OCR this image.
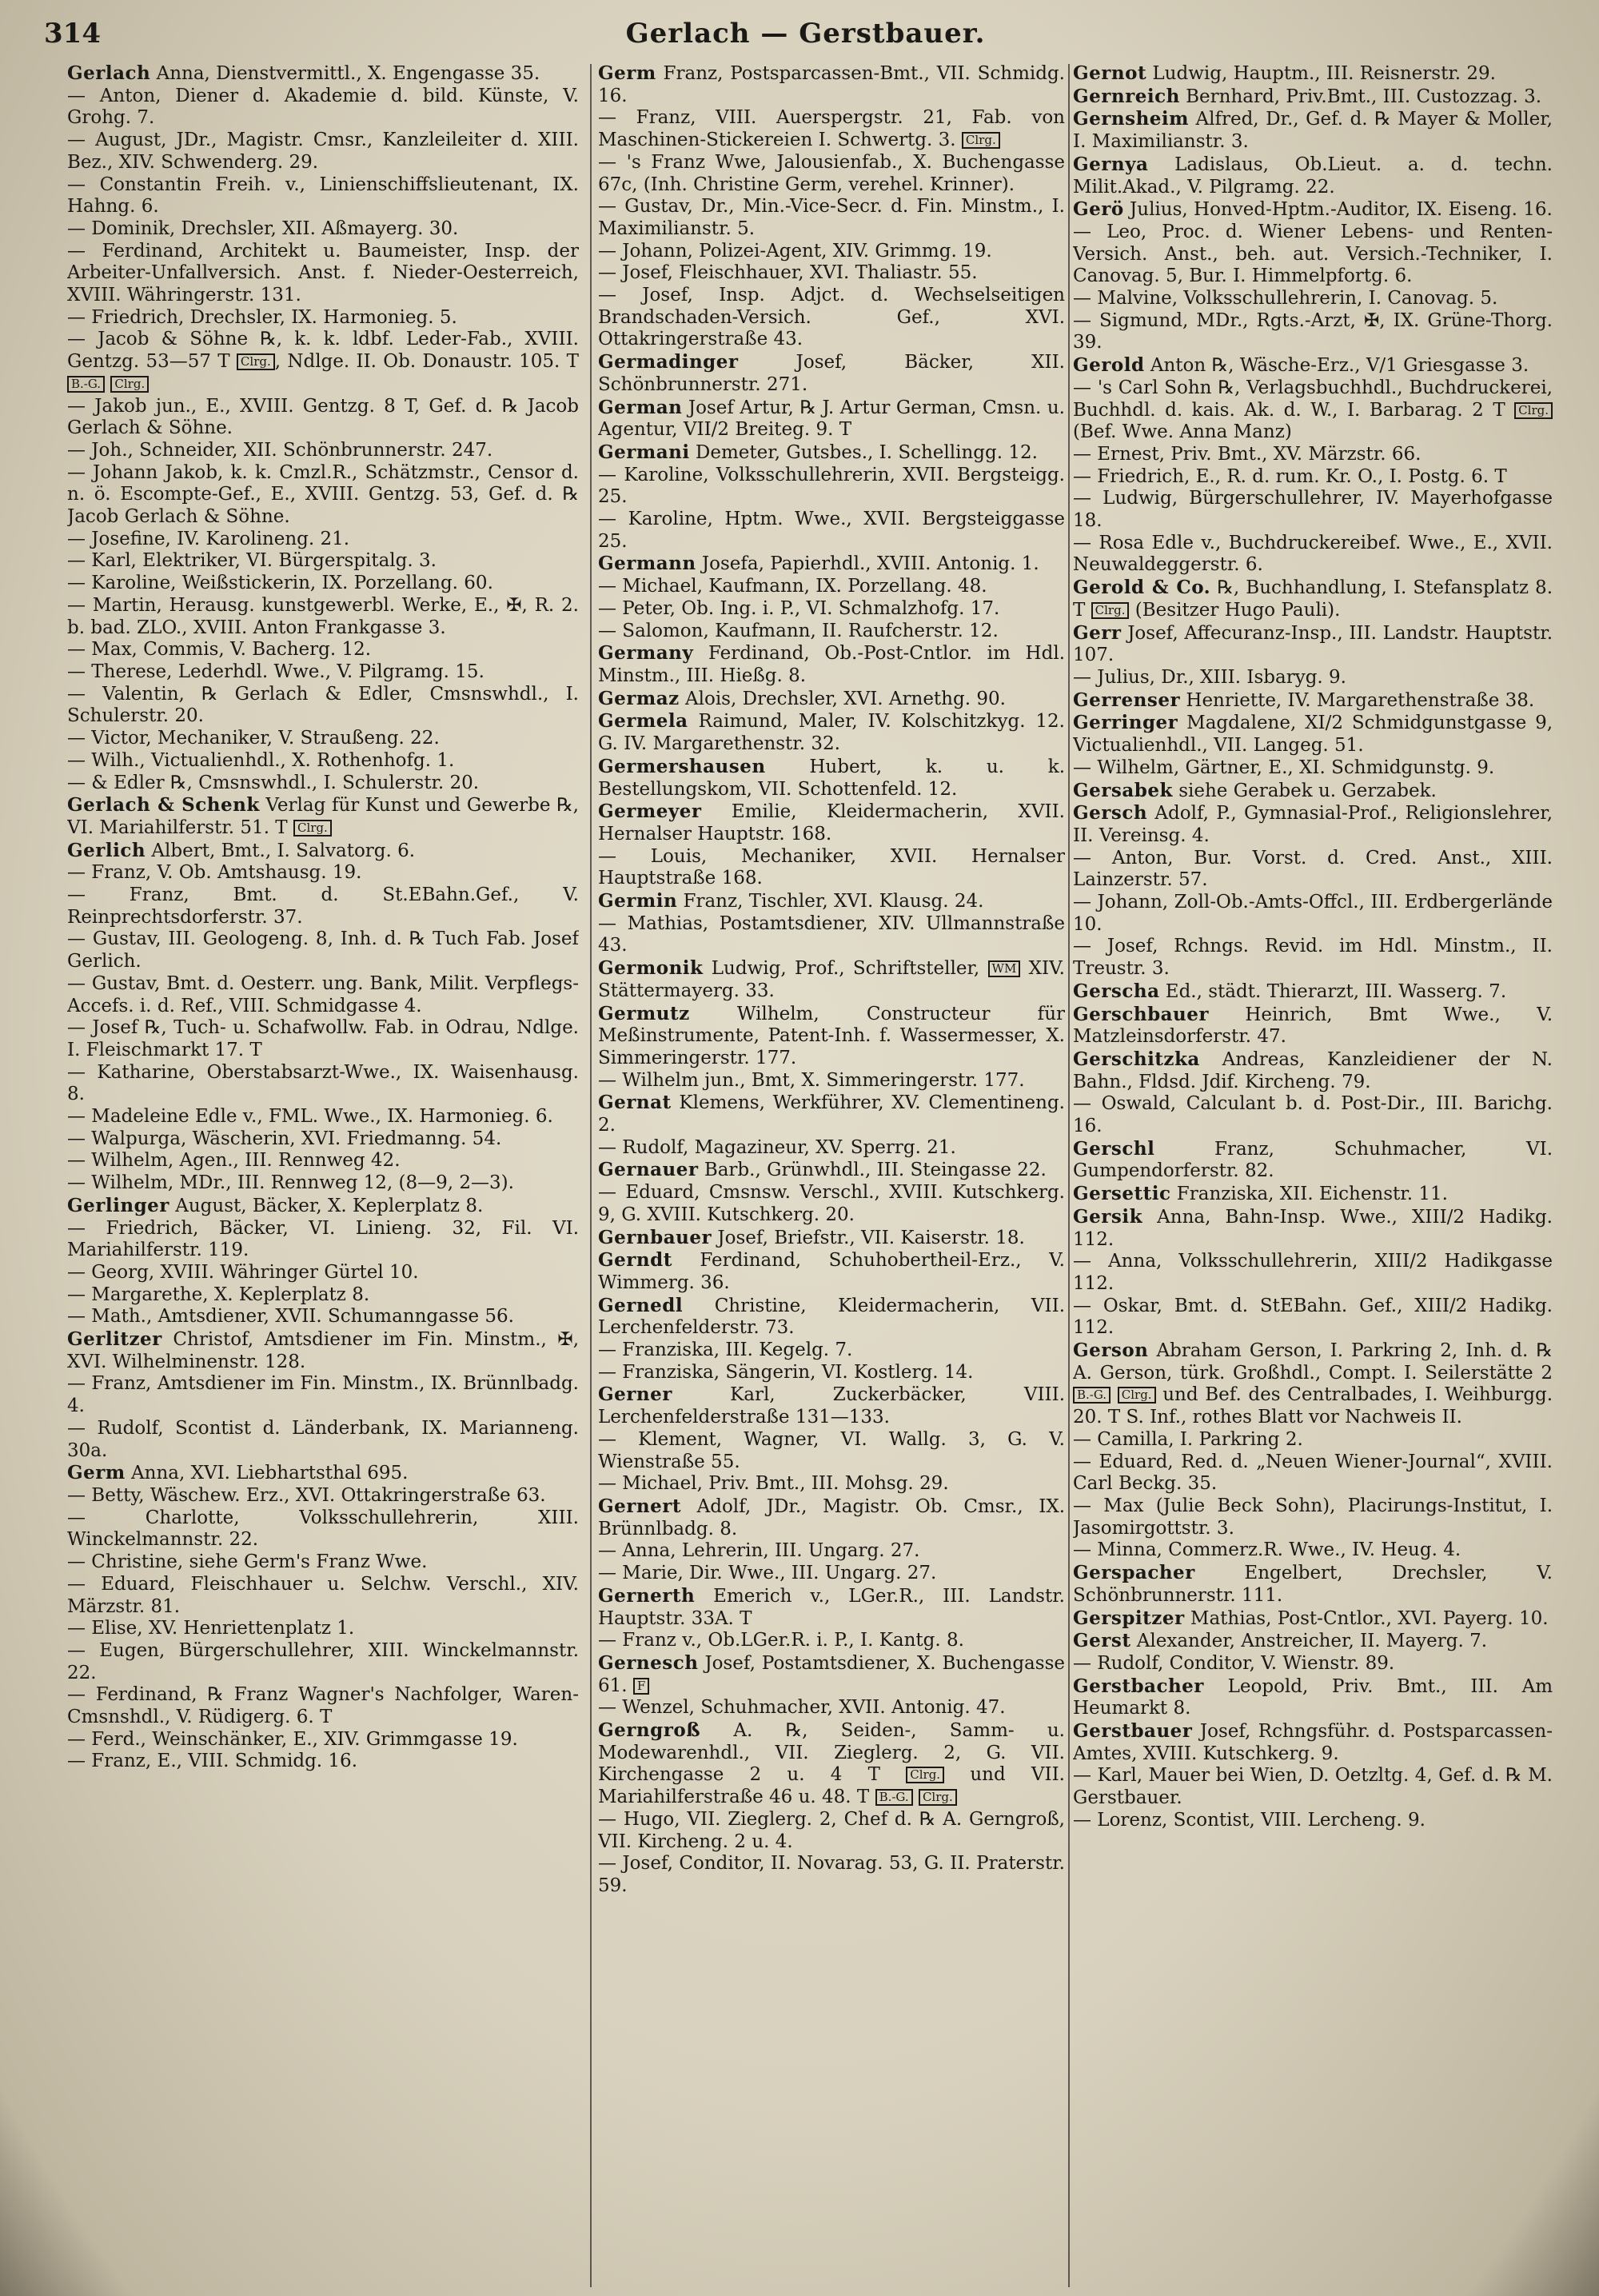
314	Gerlach — Gerstbauer.

Gerlach Anna, Dienstvermittl., X. Engengasse 35.

— Anton, Diener d. Akademie d. bild. Künste, V. Grohg. 7.

— August, JDr., Magistr. Cmsr., Kanzleileiter d. XIII. Bez., XIV. Schwenderg. 29.

— Constantin Freih. v., Linienschiffslieutenant, IX. Hahng. 6.

— Dominik, Drechsler, XII. Aßmayerg. 30.

— Ferdinand, Architekt u. Baumeister, Insp. der Arbeiter-Unfallversich. Anst. f. Nieder-Oesterreich, XVIII. Währingerstr. 131.

— Friedrich, Drechsler, IX. Harmonieg. 5.

— Jacob & Söhne ℞, k. k. ldbf. Leder-Fab., XVIII. Gentzg. 53—57 T Clrg. , Ndlge. II. Ob. Donaustr. 105. T B.-G. Clrg.

— Jakob jun., E., XVIII. Gentzg. 8 T, Gef. d. ℞ Jacob Gerlach & Söhne.

— Joh., Schneider, XII. Schönbrunnerstr. 247.

— Johann Jakob, k. k. Cmzl.R., Schätzmstr., Censor d. n. ö. Escompte-Gef., E., XVIII. Gentzg. 53, Gef. d. ℞ Jacob Gerlach & Söhne.

— Josefine, IV. Karolineng. 21.

— Karl, Elektriker, VI. Bürgerspitalg. 3.

— Karoline, Weißstickerin, IX. Porzellang. 60.

— Martin, Herausg. kunstgewerbl. Werke, E., ✠, R. 2. b. bad. ZLO., XVIII. Anton Frankgasse 3.

— Max, Commis, V. Bacherg. 12.

— Therese, Lederhdl. Wwe., V. Pilgramg. 15.

— Valentin, ℞ Gerlach & Edler, Cmsnswhdl., I. Schulerstr. 20.

— Victor, Mechaniker, V. Straußeng. 22.

— Wilh., Victualienhdl., X. Rothenhofg. 1.

— & Edler ℞, Cmsnswhdl., I. Schulerstr. 20.

Gerlach & Schenk Verlag für Kunst und Gewerbe ℞, VI. Mariahilferstr. 51. T Clrg.

Gerlich Albert, Bmt., I. Salvatorg. 6.

— Franz, V. Ob. Amtshausg. 19.

— Franz, Bmt. d. St.EBahn.Gef., V. Reinprechtsdorferstr. 37.

— Gustav, III. Geologeng. 8, Inh. d. ℞ Tuch Fab. Josef Gerlich.

— Gustav, Bmt. d. Oesterr. ung. Bank, Milit. Verpflegs-Accefs. i. d. Ref., VIII. Schmidgasse 4.

— Josef ℞, Tuch- u. Schafwollw. Fab. in Odrau, Ndlge. I. Fleischmarkt 17. T

— Katharine, Oberstabsarzt-Wwe., IX. Waisenhausg. 8.

— Madeleine Edle v., FML. Wwe., IX. Harmonieg. 6.

— Walpurga, Wäscherin, XVI. Friedmanng. 54.

— Wilhelm, Agen., III. Rennweg 42.

— Wilhelm, MDr., III. Rennweg 12, (8—9, 2—3).

Gerlinger August, Bäcker, X. Keplerplatz 8.

— Friedrich, Bäcker, VI. Linieng. 32, Fil. VI. Mariahilferstr. 119.

— Georg, XVIII. Währinger Gürtel 10.

— Margarethe, X. Keplerplatz 8.

— Math., Amtsdiener, XVII. Schumanngasse 56.

Gerlitzer Christof, Amtsdiener im Fin. Minstm., ✠, XVI. Wilhelminenstr. 128.

— Franz, Amtsdiener im Fin. Minstm., IX. Brünnlbadg. 4.

— Rudolf, Scontist d. Länderbank, IX. Marianneng. 30a.

Germ Anna, XVI. Liebhartsthal 695.

— Betty, Wäschew. Erz., XVI. Ottakringerstraße 63.

— Charlotte, Volksschullehrerin, XIII. Winckelmannstr. 22.

— Christine, siehe Germ's Franz Wwe.

— Eduard, Fleischhauer u. Selchw. Verschl., XIV. Märzstr. 81.

— Elise, XV. Henriettenplatz 1.

— Eugen, Bürgerschullehrer, XIII. Winckelmannstr. 22.

— Ferdinand, ℞ Franz Wagner's Nachfolger, Waren-Cmsnshdl., V. Rüdigerg. 6. T

— Ferd., Weinschänker, E., XIV. Grimmgasse 19.

— Franz, E., VIII. Schmidg. 16.

Germ Franz, Postsparcassen-Bmt., VII. Schmidg. 16.

— Franz, VIII. Auerspergstr. 21, Fab. von Maschinen-Stickereien I. Schwertg. 3. Clrg.

— 's Franz Wwe, Jalousienfab., X. Buchengasse 67c, (Inh. Christine Germ, verehel. Krinner).

— Gustav, Dr., Min.-Vice-Secr. d. Fin. Minstm., I. Maximilianstr. 5.

— Johann, Polizei-Agent, XIV. Grimmg. 19.

— Josef, Fleischhauer, XVI. Thaliastr. 55.

— Josef, Insp. Adjct. d. Wechselseitigen Brandschaden-Versich. Gef., XVI. Ottakringerstraße 43.

Germadinger	Josef, Bäcker, XII. Schönbrunnerstr. 271.

German Josef Artur, ℞ J. Artur German, Cmsn. u. Agentur, VII/2 Breiteg. 9. T

Germani Demeter, Gutsbes., I. Schellingg. 12.

— Karoline, Volksschullehrerin, XVII. Bergsteigg. 25.

— Karoline, Hptm. Wwe., XVII. Bergsteiggasse 25.

Germann Josefa, Papierhdl., XVIII. Antonig. 1.

— Michael, Kaufmann, IX. Porzellang. 48.

— Peter, Ob. Ing. i. P., VI. Schmalzhofg. 17.

— Salomon, Kaufmann, II. Raufcherstr. 12.

Germany Ferdinand, Ob.-Post-Cntlor. im Hdl. Minstm., III. Hießg. 8.

Germaz Alois, Drechsler, XVI. Arnethg. 90.

Germela Raimund, Maler, IV. Kolschitzkyg. 12. G. IV. Margarethenstr. 32.

Germershausen Hubert, k. u. k. Bestellungskom, VII. Schottenfeld. 12.

Germeyer Emilie, Kleidermacherin, XVII. Hernalser Hauptstr. 168.

— Louis, Mechaniker, XVII. Hernalser Hauptstraße 168.

Germin Franz, Tischler, XVI. Klausg. 24.

— Mathias, Postamtsdiener, XIV. Ullmannstraße 43.

Germonik Ludwig, Prof., Schriftsteller, WM XIV. Stättermayerg. 33.

Germutz	Wilhelm, Constructeur für Meßinstrumente, Patent-Inh. f. Wassermesser, X. Simmeringerstr. 177.

— Wilhelm jun., Bmt, X. Simmeringerstr. 177.

Gernat Klemens, Werkführer, XV. Clementineng. 2.

— Rudolf, Magazineur, XV. Sperrg. 21.

Gernauer Barb., Grünwhdl., III. Steingasse 22.

— Eduard, Cmsnsw. Verschl., XVIII. Kutschkerg. 9, G. XVIII. Kutschkerg. 20.

Gernbauer Josef, Briefstr., VII. Kaiserstr. 18.

Gerndt Ferdinand, Schuhobertheil-Erz., V. Wimmerg. 36.

Gernedl Christine, Kleidermacherin, VII. Lerchenfelderstr. 73.

— Franziska, III. Kegelg. 7.

— Franziska, Sängerin, VI. Kostlerg. 14.

Gerner	Karl, Zuckerbäcker, VIII. Lerchenfelderstraße 131—133.

— Klement, Wagner, VI. Wallg. 3, G. V. Wienstraße 55.

— Michael, Priv. Bmt., III. Mohsg. 29.

Gernert Adolf, JDr., Magistr. Ob. Cmsr., IX. Brünnlbadg. 8.

— Anna, Lehrerin, III. Ungarg. 27.

— Marie, Dir. Wwe., III. Ungarg. 27.

Gernerth Emerich v., LGer.R., III. Landstr. Hauptstr. 33A. T

— Franz v., Ob.LGer.R. i. P., I. Kantg. 8.

Gernesch Josef, Postamtsdiener, X. Buchengasse 61. F

— Wenzel, Schuhmacher, XVII. Antonig. 47.

Gerngroß A. ℞, Seiden-, Samm- u. Modewarenhdl., VII. Zieglerg. 2, G. VII. Kirchengasse 2 u. 4 T Clrg. und VII. Mariahilferstraße 46 u. 48. T B.-G. Clrg.

— Hugo, VII. Zieglerg. 2, Chef d. ℞ A. Gerngroß, VII. Kircheng. 2 u. 4.

— Josef, Conditor, II. Novarag. 53, G. II. Praterstr. 59.

Gernot Ludwig, Hauptm., III. Reisnerstr. 29.

Gernreich Bernhard, Priv.Bmt., III. Custozzag. 3.

Gernsheim Alfred, Dr., Gef. d. ℞ Mayer & Moller, I. Maximilianstr. 3.

Gernya Ladislaus, Ob.Lieut. a. d. techn. Milit.Akad., V. Pilgramg. 22.

Gerö Julius, Honved-Hptm.-Auditor, IX. Eiseng. 16.

— Leo, Proc. d. Wiener Lebens- und Renten-Versich. Anst., beh. aut. Versich.-Techniker, I. Canovag. 5, Bur. I. Himmelpfortg. 6.

— Malvine, Volksschullehrerin, I. Canovag. 5.

— Sigmund, MDr., Rgts.-Arzt, ✠, IX. Grüne-Thorg. 39.

Gerold Anton ℞, Wäsche-Erz., V/1 Griesgasse 3.

— 's Carl Sohn ℞, Verlagsbuchhdl., Buchdruckerei, Buchhdl. d. kais. Ak. d. W., I. Barbarag. 2 T Clrg. (Bef. Wwe. Anna Manz)

— Ernest, Priv. Bmt., XV. Märzstr. 66.

— Friedrich, E., R. d. rum. Kr. O., I. Postg. 6. T

— Ludwig, Bürgerschullehrer, IV. Mayerhofgasse 18.

— Rosa Edle v., Buchdruckereibef. Wwe., E., XVII. Neuwaldeggerstr. 6.

Gerold & Co. ℞, Buchhandlung, I. Stefansplatz 8. T Clrg. (Besitzer Hugo Pauli).

Gerr Josef, Affecuranz-Insp., III. Landstr. Hauptstr. 107.

— Julius, Dr., XIII. Isbaryg. 9.

Gerrenser Henriette, IV. Margarethenstraße 38.

Gerringer Magdalene, XI/2 Schmidgunstgasse 9, Victualienhdl., VII. Langeg. 51.

— Wilhelm, Gärtner, E., XI. Schmidgunstg. 9.

Gersabek siehe Gerabek u. Gerzabek.

Gersch Adolf, P., Gymnasial-Prof., Religionslehrer, II. Vereinsg. 4.

— Anton, Bur. Vorst. d. Cred. Anst., XIII. Lainzerstr. 57.

— Johann, Zoll-Ob.-Amts-Offcl., III. Erdbergerlände 10.

— Josef, Rchngs. Revid. im Hdl. Minstm., II. Treustr. 3.

Gerscha Ed., städt. Thierarzt, III. Wasserg. 7.

Gerschbauer Heinrich, Bmt Wwe., V. Matzleinsdorferstr. 47.

Gerschitzka Andreas, Kanzleidiener der N. Bahn., Fldsd. Jdif. Kircheng. 79.

— Oswald, Calculant b. d. Post-Dir., III. Barichg. 16.

Gerschl	Franz, Schuhmacher, VI. Gumpendorferstr. 82.

Gersettic Franziska, XII. Eichenstr. 11.

Gersik Anna, Bahn-Insp. Wwe., XIII/2 Hadikg. 112.

— Anna, Volksschullehrerin, XIII/2 Hadikgasse 112.

— Oskar, Bmt. d. StEBahn. Gef., XIII/2 Hadikg. 112.

Gerson Abraham Gerson, I. Parkring 2, Inh. d. ℞ A. Gerson, türk. Großhdl., Compt. I. Seilerstätte 2 B.-G. Clrg. und Bef. des Centralbades, I. Weihburgg. 20. T S. Inf., rothes Blatt vor Nachweis II.

— Camilla, I. Parkring 2.

— Eduard, Red. d. „Neuen Wiener-Journal“, XVIII. Carl Beckg. 35.

— Max (Julie Beck Sohn), Placirungs-Institut, I. Jasomirgottstr. 3.

— Minna, Commerz.R. Wwe., IV. Heug. 4.

Gerspacher	Engelbert, Drechsler, V. Schönbrunnerstr. 111.

Gerspitzer Mathias, Post-Cntlor., XVI. Payerg. 10.

Gerst Alexander, Anstreicher, II. Mayerg. 7.

— Rudolf, Conditor, V. Wienstr. 89.

Gerstbacher Leopold, Priv. Bmt., III. Am Heumarkt 8.

Gerstbauer Josef, Rchngsführ. d. Postsparcassen-Amtes, XVIII. Kutschkerg. 9.

— Karl, Mauer bei Wien, D. Oetzltg. 4, Gef. d. ℞ M. Gerstbauer.

— Lorenz, Scontist, VIII. Lercheng. 9.
